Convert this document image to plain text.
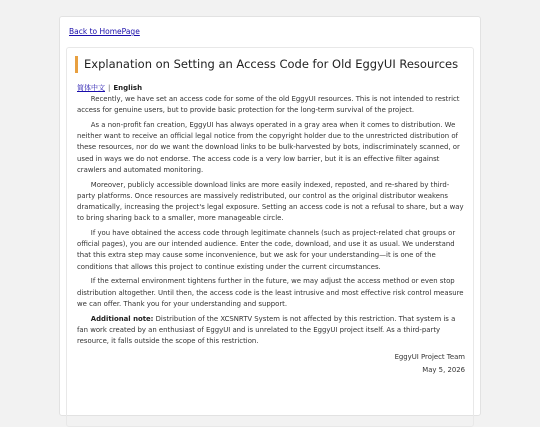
Back to HomePage
Explanation on Setting an Access Code for Old EggyUI Resources
简体中文 | English

Recently, we have set an access code for some of the old EggyUI resources. This is not intended to restrict access for genuine users, but to provide basic protection for the long-term survival of the project.

As a non-profit fan creation, EggyUI has always operated in a gray area when it comes to distribution. We neither want to receive an official legal notice from the copyright holder due to the unrestricted distribution of these resources, nor do we want the download links to be bulk-harvested by bots, indiscriminately scanned, or used in ways we do not endorse. The access code is a very low barrier, but it is an effective filter against crawlers and automated monitoring.

Moreover, publicly accessible download links are more easily indexed, reposted, and re-shared by third-party platforms. Once resources are massively redistributed, our control as the original distributor weakens dramatically, increasing the project's legal exposure. Setting an access code is not a refusal to share, but a way to bring sharing back to a smaller, more manageable circle.

If you have obtained the access code through legitimate channels (such as project-related chat groups or official pages), you are our intended audience. Enter the code, download, and use it as usual. We understand that this extra step may cause some inconvenience, but we ask for your understanding—it is one of the conditions that allows this project to continue existing under the current circumstances.

If the external environment tightens further in the future, we may adjust the access method or even stop distribution altogether. Until then, the access code is the least intrusive and most effective risk control measure we can offer. Thank you for your understanding and support.

Additional note: Distribution of the XCSNRTV System is not affected by this restriction. That system is a fan work created by an enthusiast of EggyUI and is unrelated to the EggyUI project itself. As a third-party resource, it falls outside the scope of this restriction.

EggyUI Project Team
May 5, 2026
